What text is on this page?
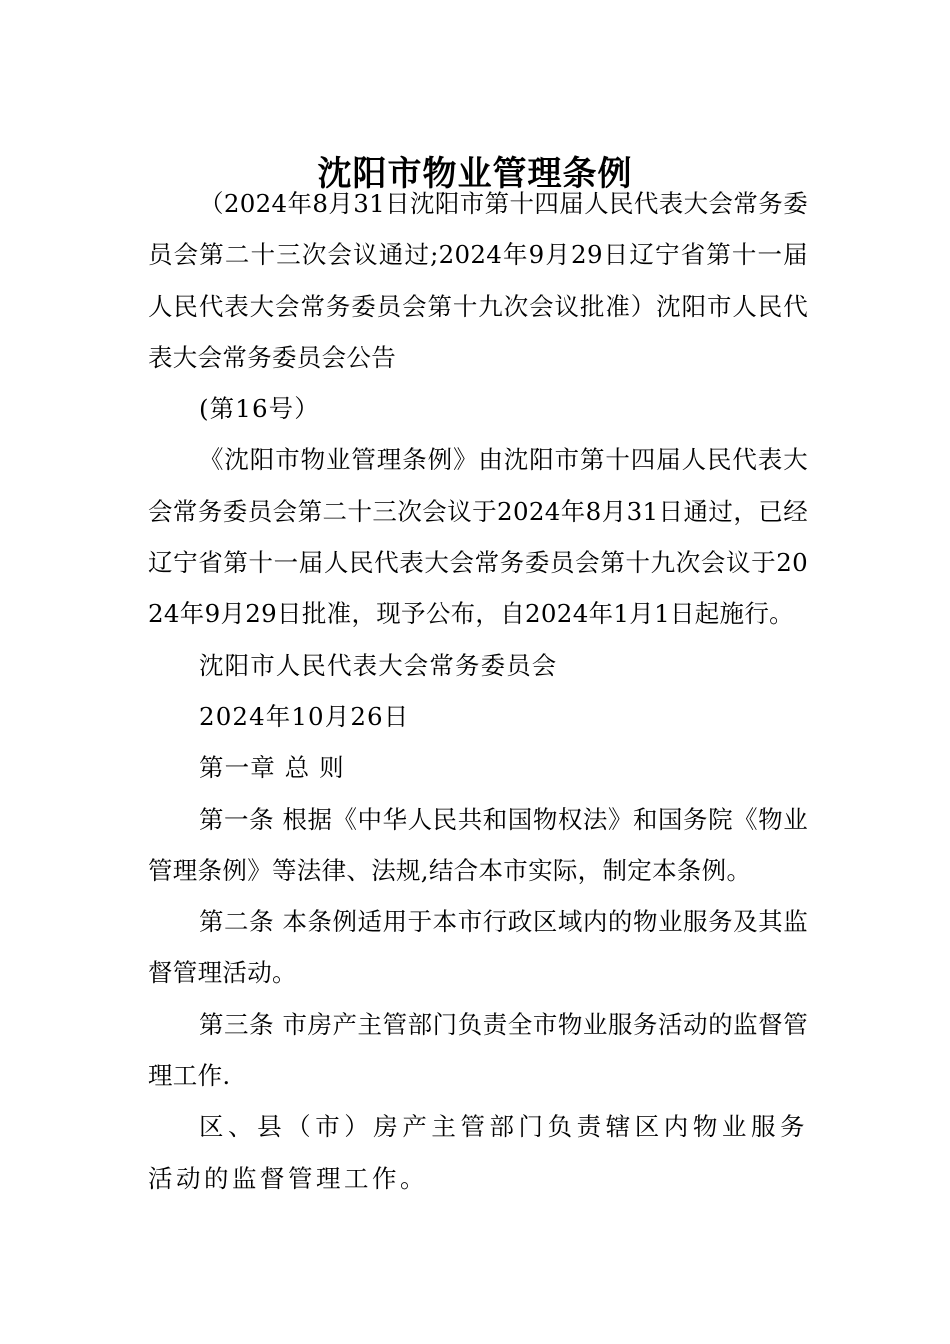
沈阳市物业管理条例

（2024年8月31日沈阳市第十四届人民代表大会常务委员会第二十三次会议通过;2024年9月29日辽宁省第十一届人民代表大会常务委员会第十九次会议批准）沈阳市人民代表大会常务委员会公告

(第16号）

《沈阳市物业管理条例》由沈阳市第十四届人民代表大会常务委员会第二十三次会议于2024年8月31日通过，已经辽宁省第十一届人民代表大会常务委员会第十九次会议于2024年9月29日批准，现予公布，自2024年1月1日起施行。

沈阳市人民代表大会常务委员会

2024年10月26日

第一章 总 则

第一条 根据《中华人民共和国物权法》和国务院《物业管理条例》等法律、法规,结合本市实际，制定本条例。

第二条 本条例适用于本市行政区域内的物业服务及其监督管理活动。

第三条 市房产主管部门负责全市物业服务活动的监督管理工作.

区、县（市）房产主管部门负责辖区内物业服务活动的监督管理工作。
